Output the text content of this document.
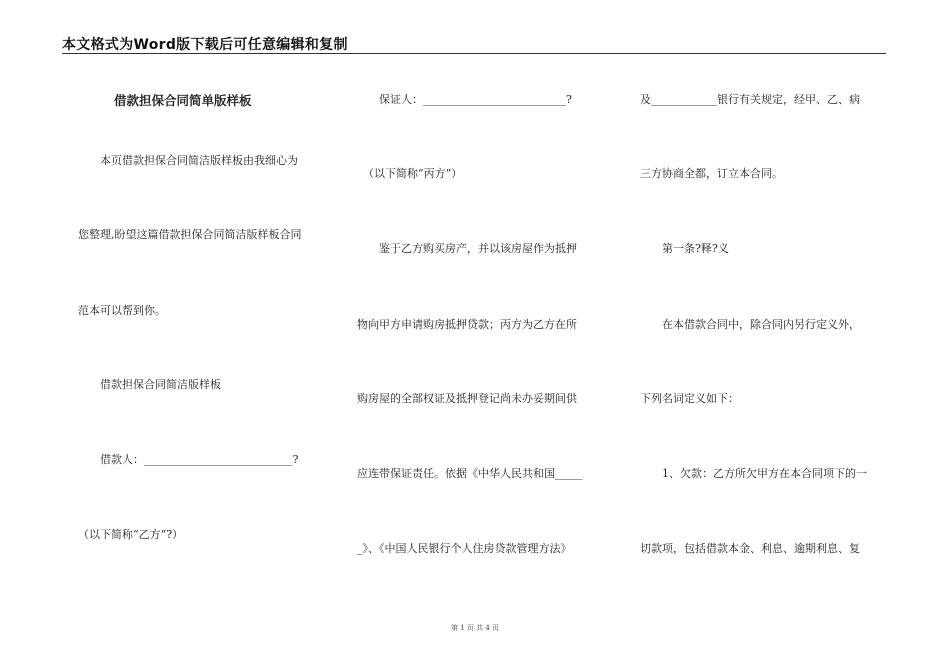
本文格式为Word版下载后可任意编辑和复制
借款担保合同简单版样板
本页借款担保合同简洁版样板由我细心为
您整理,盼望这篇借款担保合同简洁版样板合同
范本可以帮到你。
借款担保合同简洁版样板
借款人：___________________________?
（以下简称“乙方”?）
保证人：__________________________?
（以下简称“丙方”）
鉴于乙方购买房产，并以该房屋作为抵押
物向甲方申请购房抵押贷款；丙方为乙方在所
购房屋的全部权证及抵押登记尚未办妥期间供
应连带保证责任。依据《中华人民共和国_____
_》、《中国人民银行个人住房贷款管理方法》
及____________银行有关规定，经甲、乙、病
三方协商全都，订立本合同。
第一条?释?义
在本借款合同中，除合同内另行定义外，
下列名词定义如下：
1、欠款：乙方所欠甲方在本合同项下的一
切款项，包括借款本金、利息、逾期利息、复
第 1 页 共 4 页
